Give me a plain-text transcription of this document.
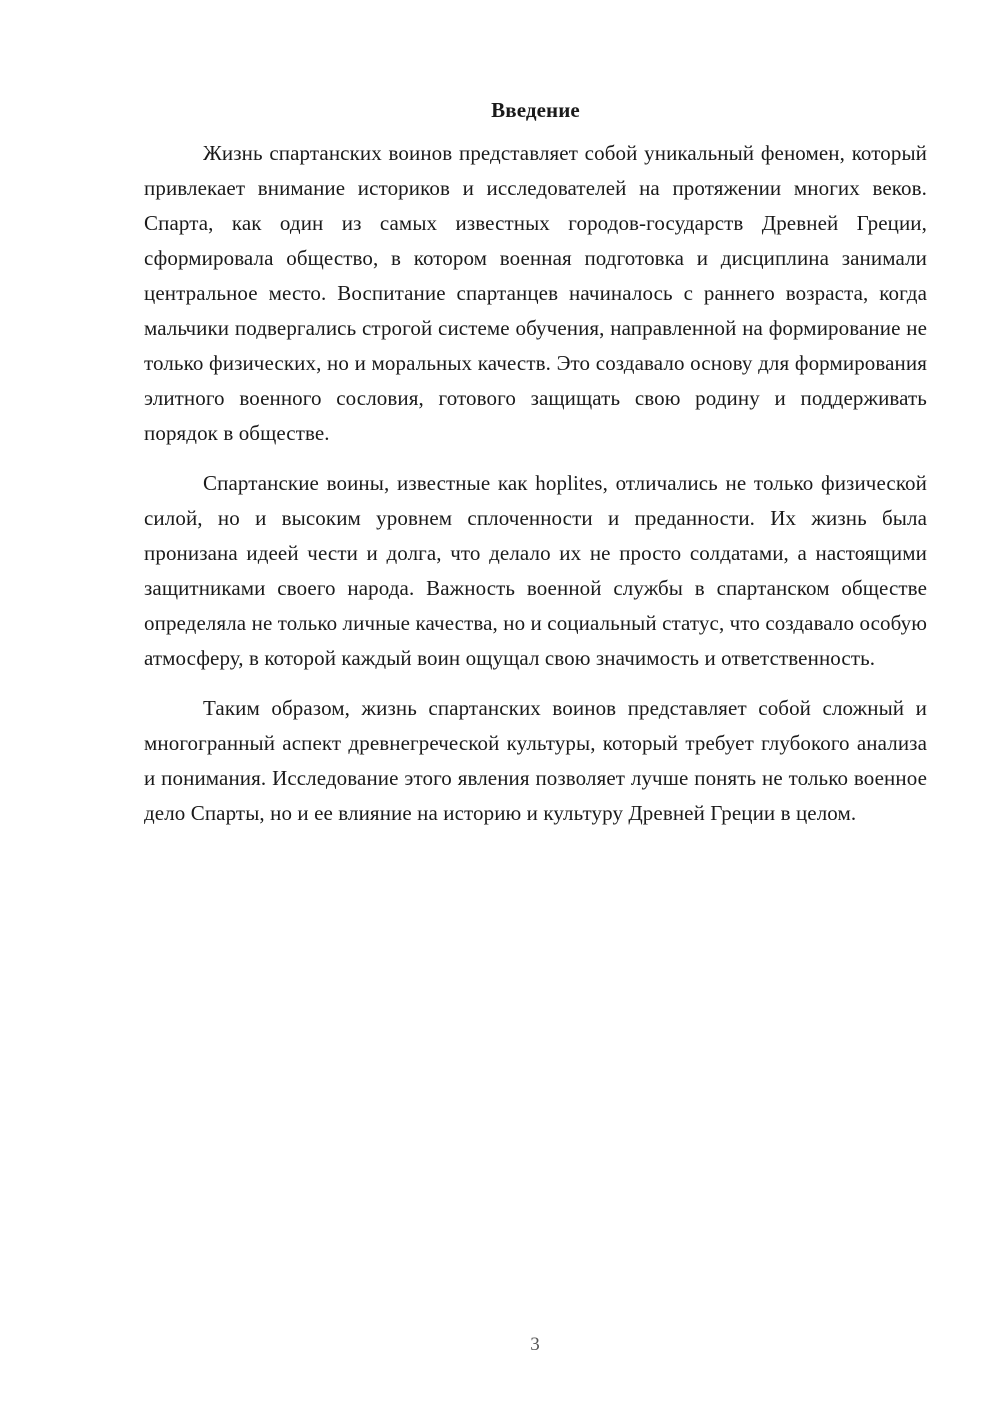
Введение

Жизнь спартанских воинов представляет собой уникальный феномен, который привлекает внимание историков и исследователей на протяжении многих веков. Спарта, как один из самых известных городов-государств Древней Греции, сформировала общество, в котором военная подготовка и дисциплина занимали центральное место. Воспитание спартанцев начиналось с раннего возраста, когда мальчики подвергались строгой системе обучения, направленной на формирование не только физических, но и моральных качеств. Это создавало основу для формирования элитного военного сословия, готового защищать свою родину и поддерживать порядок в обществе.

Спартанские воины, известные как hoplites, отличались не только физической силой, но и высоким уровнем сплоченности и преданности. Их жизнь была пронизана идеей чести и долга, что делало их не просто солдатами, а настоящими защитниками своего народа. Важность военной службы в спартанском обществе определяла не только личные качества, но и социальный статус, что создавало особую атмосферу, в которой каждый воин ощущал свою значимость и ответственность.

Таким образом, жизнь спартанских воинов представляет собой сложный и многогранный аспект древнегреческой культуры, который требует глубокого анализа и понимания. Исследование этого явления позволяет лучше понять не только военное дело Спарты, но и ее влияние на историю и культуру Древней Греции в целом.

3
